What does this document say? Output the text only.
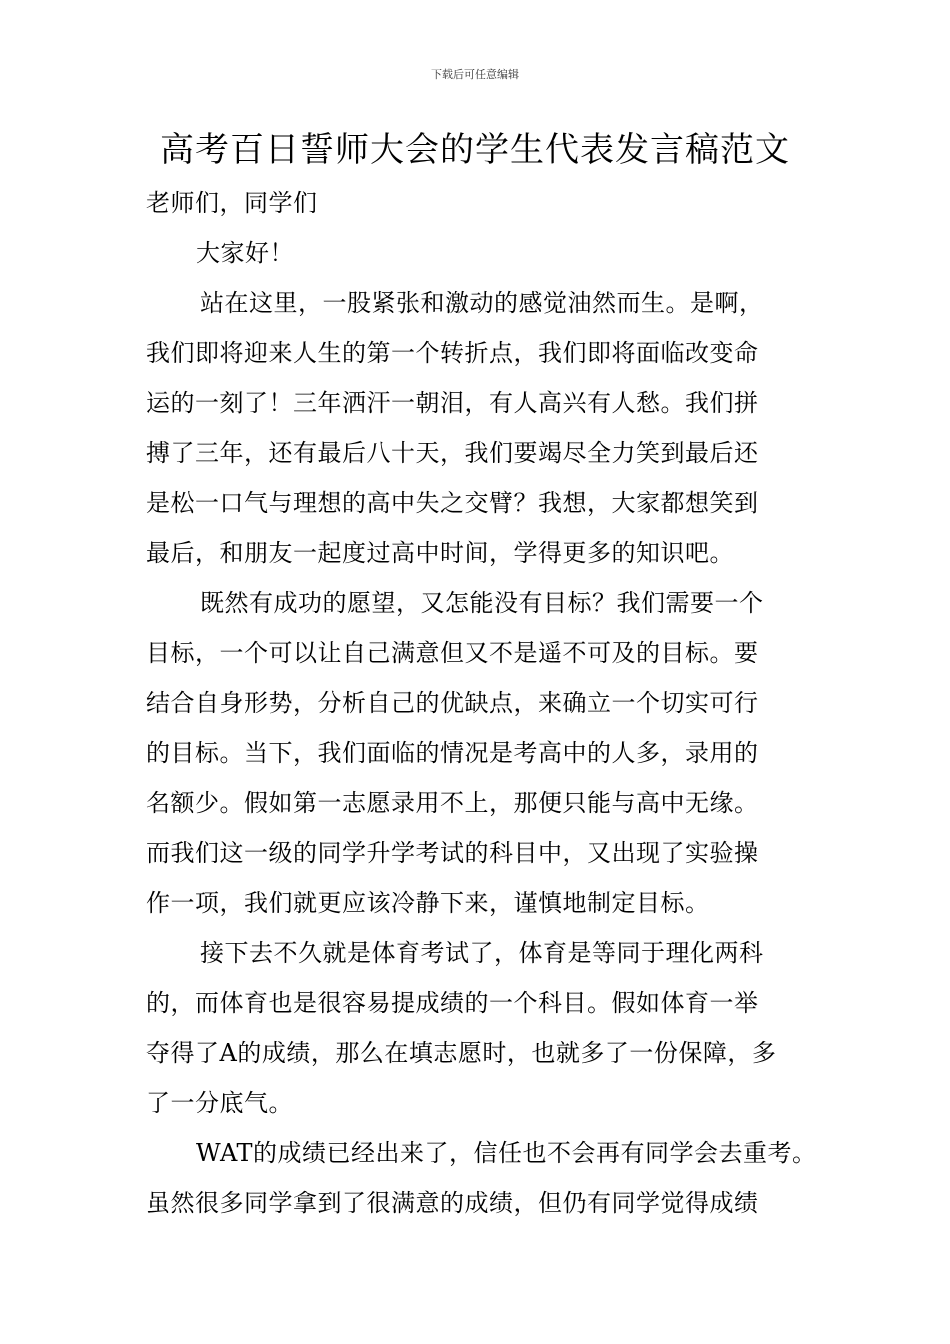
下载后可任意编辑
高考百日誓师大会的学生代表发言稿范文
老师们，同学们
大家好！
站在这里，一股紧张和激动的感觉油然而生。是啊，
我们即将迎来人生的第一个转折点，我们即将面临改变命
运的一刻了！三年洒汗一朝泪，有人高兴有人愁。我们拼
搏了三年，还有最后八十天，我们要竭尽全力笑到最后还
是松一口气与理想的高中失之交臂？我想，大家都想笑到
最后，和朋友一起度过高中时间，学得更多的知识吧。
既然有成功的愿望，又怎能没有目标？我们需要一个
目标，一个可以让自己满意但又不是遥不可及的目标。要
结合自身形势，分析自己的优缺点，来确立一个切实可行
的目标。当下，我们面临的情况是考高中的人多，录用的
名额少。假如第一志愿录用不上，那便只能与高中无缘。
而我们这一级的同学升学考试的科目中，又出现了实验操
作一项，我们就更应该冷静下来，谨慎地制定目标。
接下去不久就是体育考试了，体育是等同于理化两科
的，而体育也是很容易提成绩的一个科目。假如体育一举
夺得了A的成绩，那么在填志愿时，也就多了一份保障，多
了一分底气。
WAT的成绩已经出来了，信任也不会再有同学会去重考。
虽然很多同学拿到了很满意的成绩，但仍有同学觉得成绩
